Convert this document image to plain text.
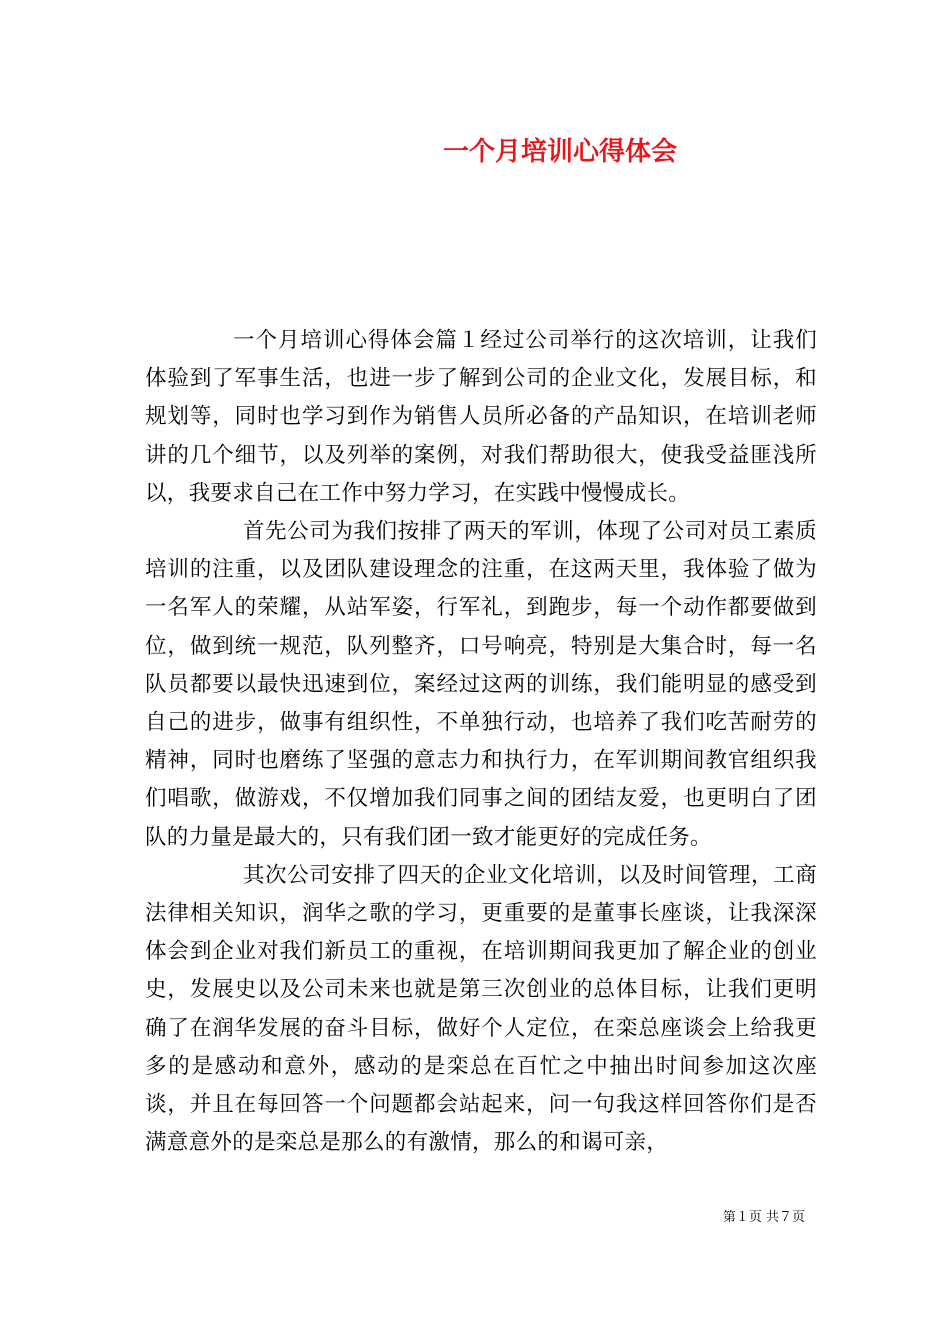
一个月培训心得体会

一个月培训心得体会篇１经过公司举行的这次培训，让我们体验到了军事生活，也进一步了解到公司的企业文化，发展目标，和规划等，同时也学习到作为销售人员所必备的产品知识，在培训老师讲的几个细节，以及列举的案例，对我们帮助很大，使我受益匪浅所以，我要求自己在工作中努力学习，在实践中慢慢成长。

首先公司为我们按排了两天的军训，体现了公司对员工素质培训的注重，以及团队建设理念的注重，在这两天里，我体验了做为一名军人的荣耀，从站军姿，行军礼，到跑步，每一个动作都要做到位，做到统一规范，队列整齐，口号响亮，特别是大集合时，每一名队员都要以最快迅速到位，案经过这两的训练，我们能明显的感受到自己的进步，做事有组织性，不单独行动，也培养了我们吃苦耐劳的精神，同时也磨练了坚强的意志力和执行力，在军训期间教官组织我们唱歌，做游戏，不仅增加我们同事之间的团结友爱，也更明白了团队的力量是最大的，只有我们团一致才能更好的完成任务。

其次公司安排了四天的企业文化培训，以及时间管理，工商法律相关知识，润华之歌的学习，更重要的是董事长座谈，让我深深体会到企业对我们新员工的重视，在培训期间我更加了解企业的创业史，发展史以及公司未来也就是第三次创业的总体目标，让我们更明确了在润华发展的奋斗目标，做好个人定位，在栾总座谈会上给我更多的是感动和意外，感动的是栾总在百忙之中抽出时间参加这次座谈，并且在每回答一个问题都会站起来，问一句我这样回答你们是否满意意外的是栾总是那么的有激情，那么的和谒可亲，

第１页 共７页
